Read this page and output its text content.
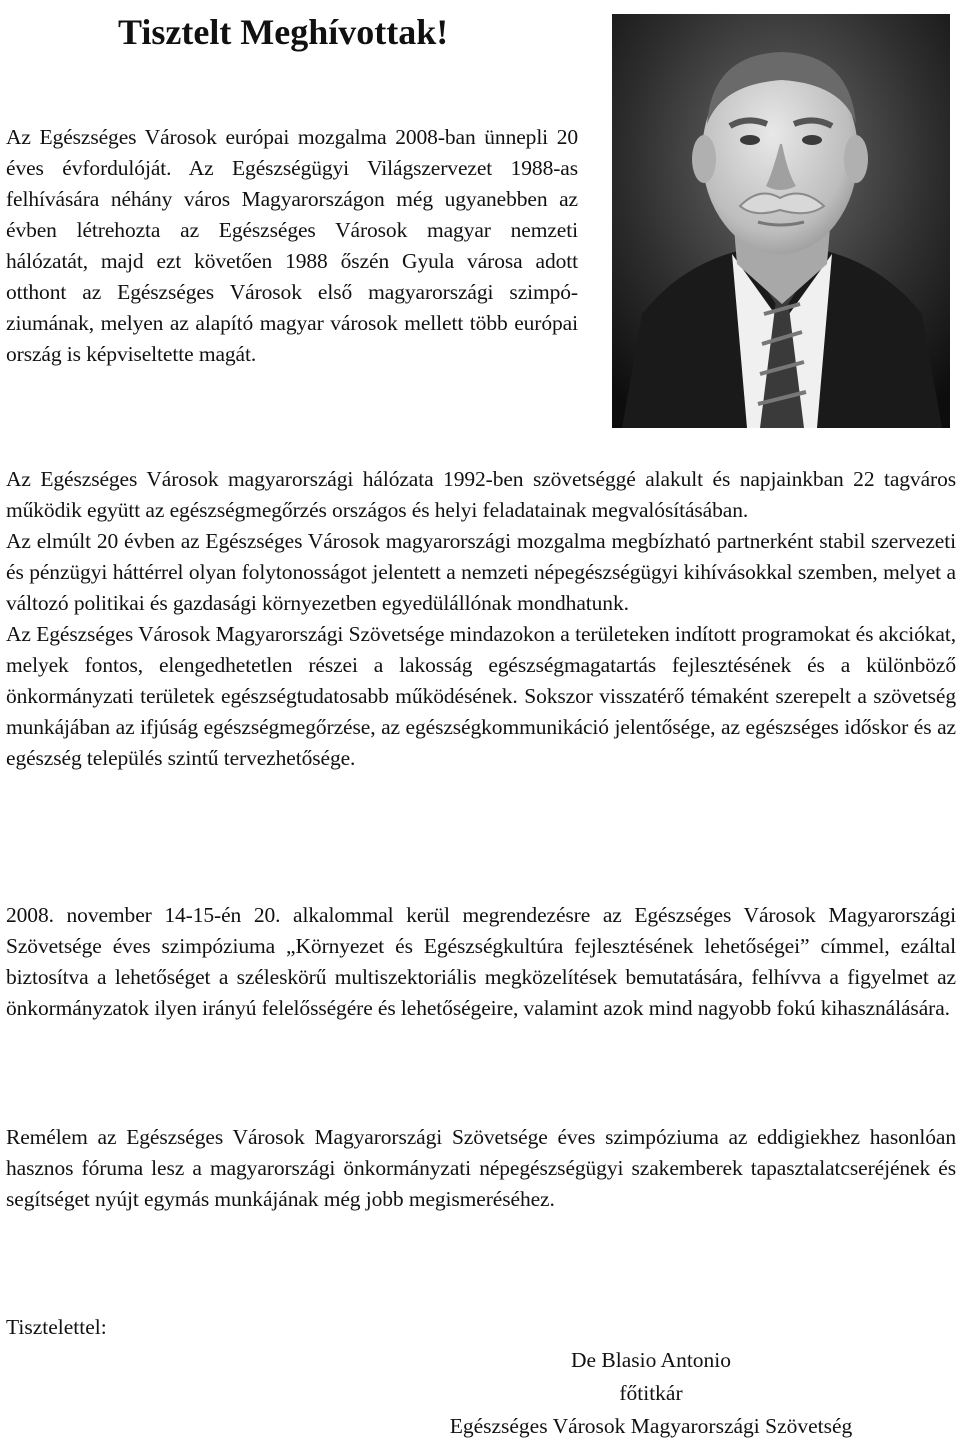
Tisztelt Meghívottak!

Az Egészséges Városok európai mozgalma 2008-ban ünnepli 20 éves évfordulóját. Az Egészségügyi Világszervezet 1988-as felhívására néhány város Magyarországon még ugyanebben az évben létrehozta az Egészséges Városok magyar nemzeti hálózatát, majd ezt követően 1988 őszén Gyula városa adott otthont az Egészséges Városok első magyarországi szimpó-ziumának, melyen az alapító magyar városok mellett több európai ország is képviseltette magát.

Az Egészséges Városok magyarországi hálózata 1992-ben szövetséggé alakult és napjainkban 22 tagváros működik együtt az egészségmegőrzés országos és helyi feladatainak megvalósításában.

Az elmúlt 20 évben az Egészséges Városok magyarországi mozgalma megbízható partnerként stabil szervezeti és pénzügyi háttérrel olyan folytonosságot jelentett a nemzeti népegészségügyi kihívásokkal szemben, melyet a változó politikai és gazdasági környezetben egyedülállónak mondhatunk.

Az Egészséges Városok Magyarországi Szövetsége mindazokon a területeken indított programokat és akciókat, melyek fontos, elengedhetetlen részei a lakosság egészségmagatartás fejlesztésének és a különböző önkormányzati területek egészségtudatosabb működésének. Sokszor visszatérő témaként szerepelt a szövetség munkájában az ifjúság egészségmegőrzése, az egészségkommunikáció jelentősége, az egészséges időskor és az egészség település szintű tervezhetősége.

2008. november 14-15-én 20. alkalommal kerül megrendezésre az Egészséges Városok Magyarországi Szövetsége éves szimpóziuma „Környezet és Egészségkultúra fejlesztésének lehetőségei” címmel, ezáltal biztosítva a lehetőséget a széleskörű multiszektoriális megközelítések bemutatására, felhívva a figyelmet az önkormányzatok ilyen irányú felelősségére és lehetőségeire, valamint azok mind nagyobb fokú kihasználására.

Remélem az Egészséges Városok Magyarországi Szövetsége éves szimpóziuma az eddigiekhez hasonlóan hasznos fóruma lesz a magyarországi önkormányzati népegészségügyi szakemberek tapasztalatcseréjének és segítséget nyújt egymás munkájának még jobb megismeréséhez.

Tisztelettel:

De Blasio Antonio
főtitkár
Egészséges Városok Magyarországi Szövetség
